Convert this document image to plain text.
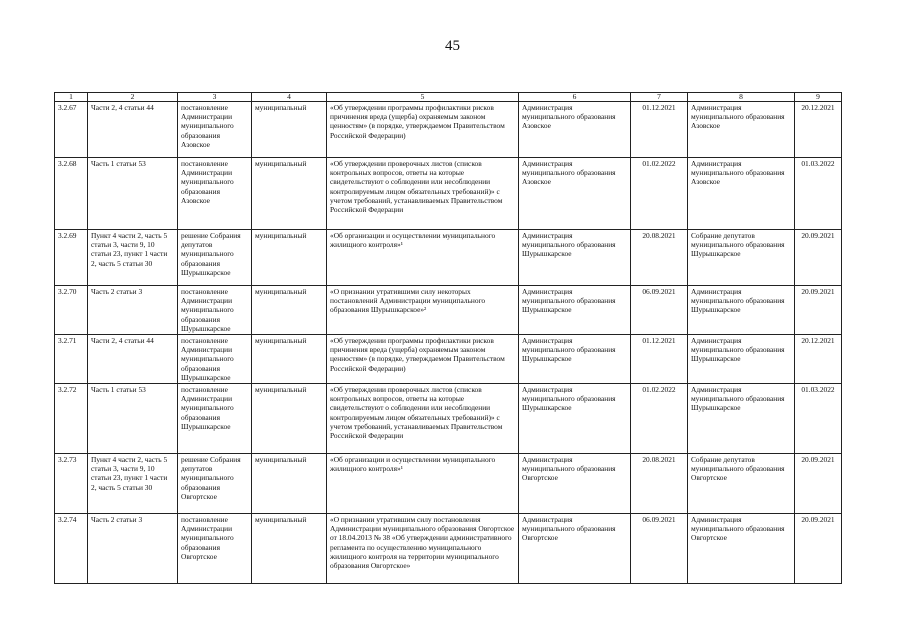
45
1	2	3	4	5	6	7	8	9
3.2.67	Части 2, 4 статьи 44	постановление Администрации муниципального образования Азовское	муниципальный	«Об утверждении программы профилактики рисков причинения вреда (ущерба) охраняемым законом ценностям» (в порядке, утверждаемом Правительством Российской Федерации)	Администрация муниципального образования Азовское	01.12.2021	Администрация муниципального образования Азовское	20.12.2021
3.2.68	Часть 1 статьи 53	постановление Администрации муниципального образования Азовское	муниципальный	«Об утверждении проверочных листов (списков контрольных вопросов, ответы на которые свидетельствуют о соблюдении или несоблюдении контролируемым лицом обязательных требований)» с учетом требований, устанавливаемых Правительством Российской Федерации	Администрация муниципального образования Азовское	01.02.2022	Администрация муниципального образования Азовское	01.03.2022
3.2.69	Пункт 4 части 2, часть 5 статьи 3, части 9, 10 статьи 23, пункт 1 части 2, часть 5 статьи 30	решение Собрания депутатов муниципального образования Шурышкарское	муниципальный	«Об организации и осуществлении муниципального жилищного контроля»¹	Администрация муниципального образования Шурышкарское	20.08.2021	Собрание депутатов муниципального образования Шурышкарское	20.09.2021
3.2.70	Часть 2 статьи 3	постановление Администрации муниципального образования Шурышкарское	муниципальный	«О признании утратившими силу некоторых постановлений Администрации муниципального образования Шурышкарское»²	Администрация муниципального образования Шурышкарское	06.09.2021	Администрация муниципального образования Шурышкарское	20.09.2021
3.2.71	Части 2, 4 статьи 44	постановление Администрации муниципального образования Шурышкарское	муниципальный	«Об утверждении программы профилактики рисков причинения вреда (ущерба) охраняемым законом ценностям» (в порядке, утверждаемом Правительством Российской Федерации)	Администрация муниципального образования Шурышкарское	01.12.2021	Администрация муниципального образования Шурышкарское	20.12.2021
3.2.72	Часть 1 статьи 53	постановление Администрации муниципального образования Шурышкарское	муниципальный	«Об утверждении проверочных листов (списков контрольных вопросов, ответы на которые свидетельствуют о соблюдении или несоблюдении контролируемым лицом обязательных требований)» с учетом требований, устанавливаемых Правительством Российской Федерации	Администрация муниципального образования Шурышкарское	01.02.2022	Администрация муниципального образования Шурышкарское	01.03.2022
3.2.73	Пункт 4 части 2, часть 5 статьи 3, части 9, 10 статьи 23, пункт 1 части 2, часть 5 статьи 30	решение Собрания депутатов муниципального образования Овгортское	муниципальный	«Об организации и осуществлении муниципального жилищного контроля»¹	Администрация муниципального образования Овгортское	20.08.2021	Собрание депутатов муниципального образования Овгортское	20.09.2021
3.2.74	Часть 2 статьи 3	постановление Администрации муниципального образования Овгортское	муниципальный	«О признании утратившим силу постановления Администрации муниципального образования Овгортское от 18.04.2013 № 38 «Об утверждении административного регламента по осуществлению муниципального жилищного контроля на территории муниципального образования Овгортское»	Администрация муниципального образования Овгортское	06.09.2021	Администрация муниципального образования Овгортское	20.09.2021
